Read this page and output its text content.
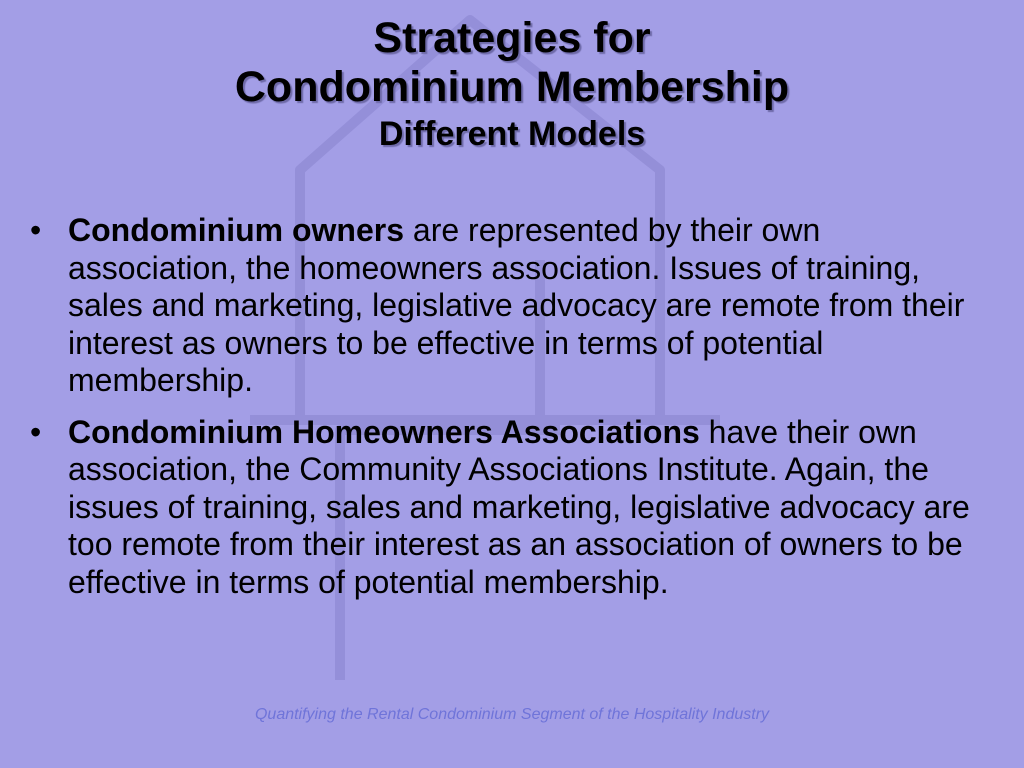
Strategies for
Condominium Membership
Different Models
• Condominium owners are represented by their own association, the homeowners association. Issues of training, sales and marketing, legislative advocacy are remote from their interest as owners to be effective in terms of potential membership.
• Condominium Homeowners Associations have their own association, the Community Associations Institute. Again, the issues of training, sales and marketing, legislative advocacy are too remote from their interest as an association of owners to be effective in terms of potential membership.
Quantifying the Rental Condominium Segment of the Hospitality Industry
